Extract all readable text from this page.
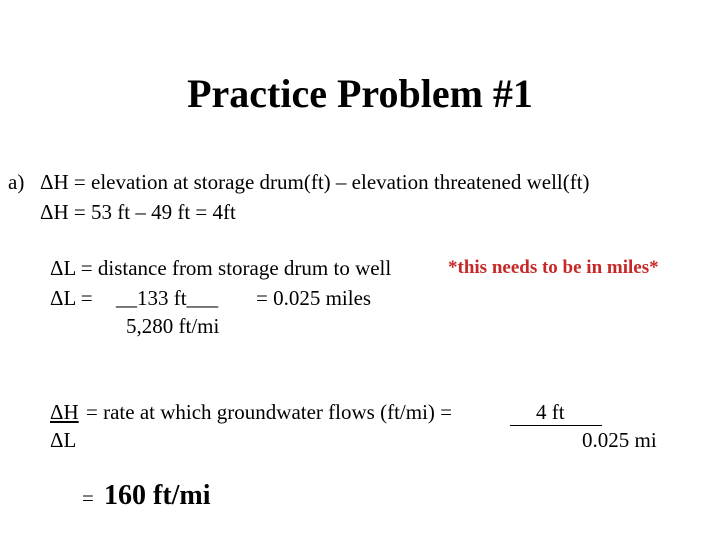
Practice Problem #1
a) ΔH = elevation at storage drum(ft) – elevation threatened well(ft)
ΔH = 53 ft – 49 ft = 4ft
ΔL = distance from storage drum to well	*this needs to be in miles*
ΔL = __133 ft___ = 0.025 miles
5,280 ft/mi
ΔH = rate at which groundwater flows (ft/mi) =	4 ft
ΔL	0.025 mi
= 160 ft/mi
